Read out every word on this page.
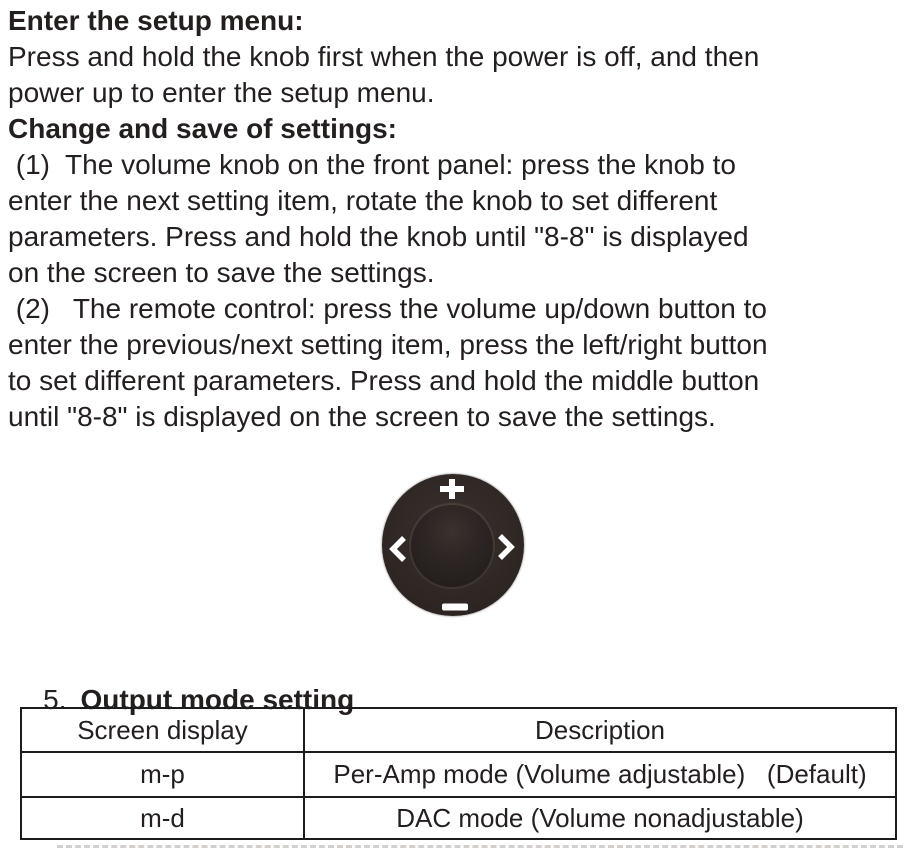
Enter the setup menu:
Press and hold the knob first when the power is off, and then
power up to enter the setup menu.
Change and save of settings:
(1)  The volume knob on the front panel: press the knob to
enter the next setting item, rotate the knob to set different
parameters. Press and hold the knob until "8-8" is displayed
on the screen to save the settings.
(2)   The remote control: press the volume up/down button to
enter the previous/next setting item, press the left/right button
to set different parameters. Press and hold the middle button
until "8-8" is displayed on the screen to save the settings.

5. Output mode setting

Screen display	Description
m-p	Per-Amp mode (Volume adjustable)   (Default)
m-d	DAC mode (Volume nonadjustable)
